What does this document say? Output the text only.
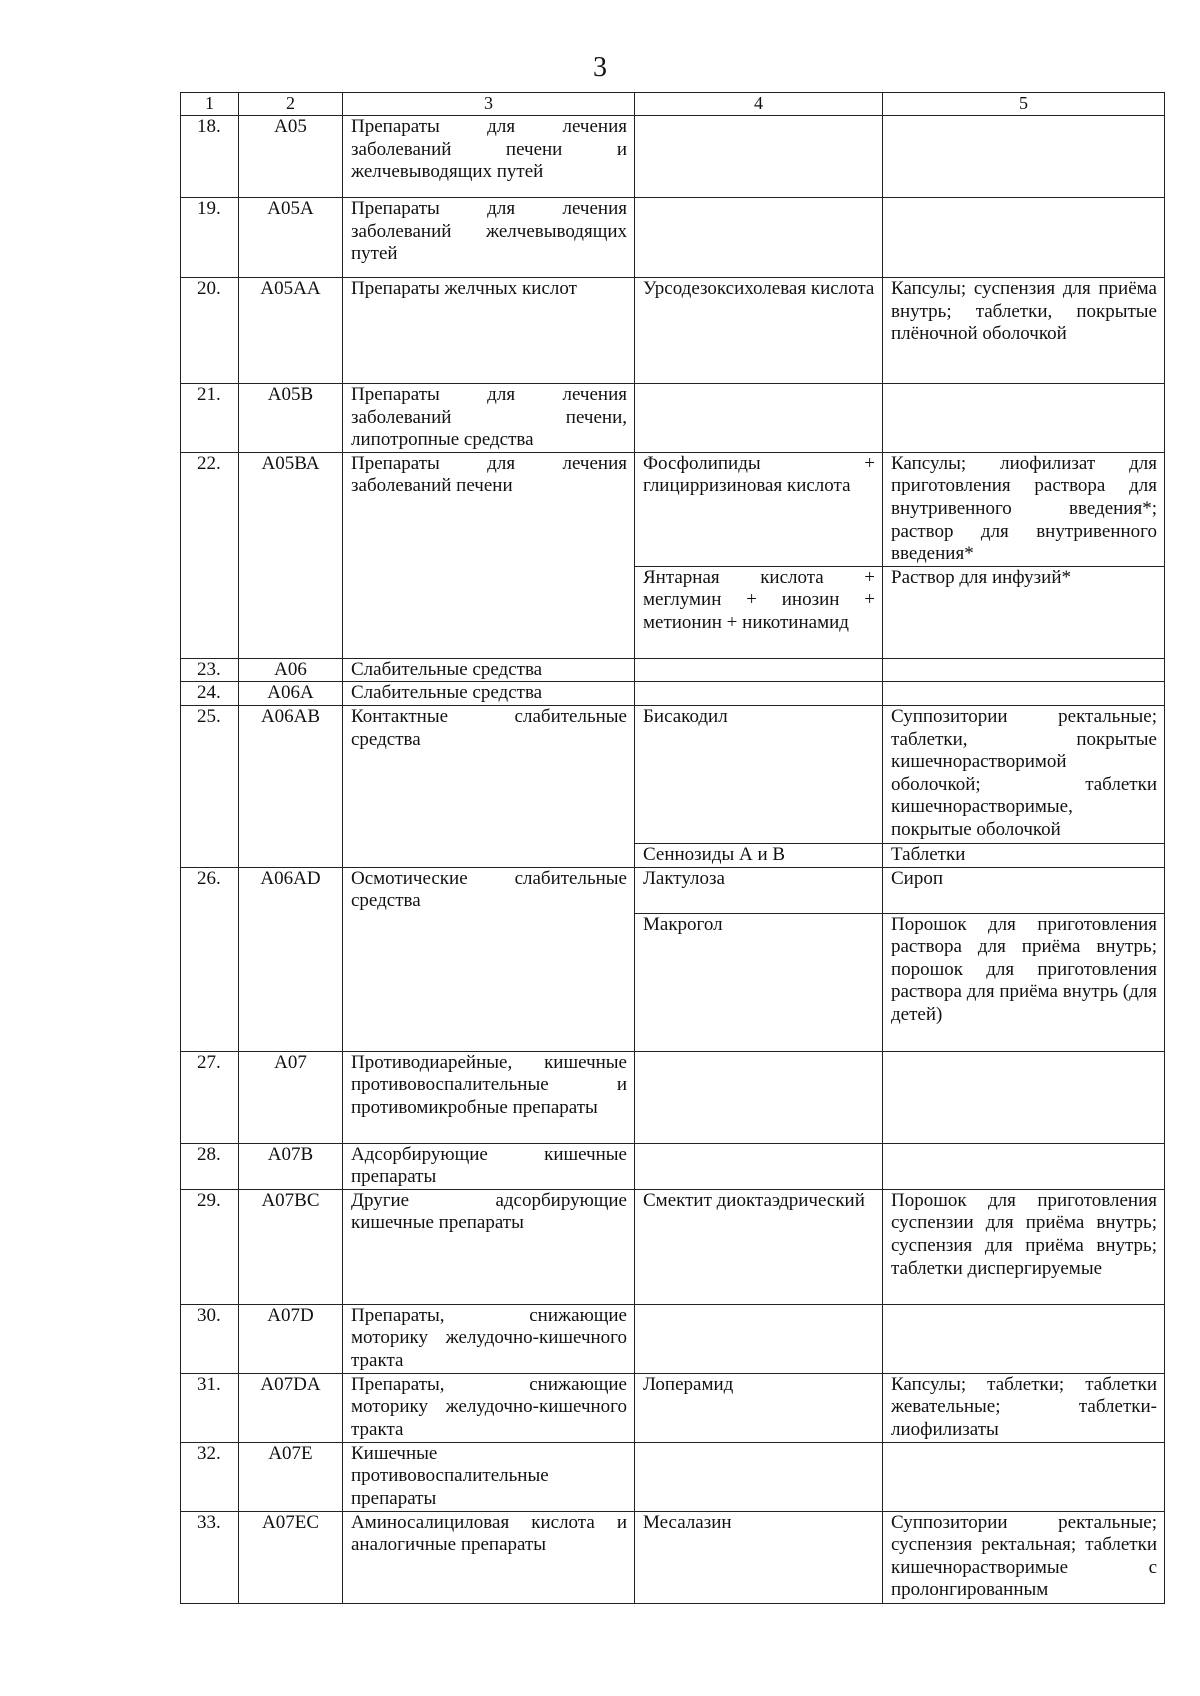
3
1	2	3	4	5
18.	А05	Препараты для лечения заболеваний печени и желчевыводящих путей		
19.	А05А	Препараты для лечения заболеваний желчевыводящих путей		
20.	А05АА	Препараты желчных кислот	Урсодезоксихолевая кислота	Капсулы; суспензия для приёма внутрь; таблетки, покрытые плёночной оболочкой
21.	А05В	Препараты для лечения заболеваний печени, липотропные средства		
22.	А05ВА	Препараты для лечения заболеваний печени	Фосфолипиды + глицирризиновая кислота	Капсулы; лиофилизат для приготовления раствора для внутривенного введения*; раствор для внутривенного введения*
			Янтарная кислота + меглумин + инозин + метионин + никотинамид	Раствор для инфузий*
23.	А06	Слабительные средства		
24.	А06А	Слабительные средства		
25.	А06АВ	Контактные слабительные средства	Бисакодил	Суппозитории ректальные; таблетки, покрытые кишечнорастворимой оболочкой; таблетки кишечнорастворимые, покрытые оболочкой
			Сеннозиды А и В	Таблетки
26.	А06АD	Осмотические слабительные средства	Лактулоза	Сироп
			Макрогол	Порошок для приготовления раствора для приёма внутрь; порошок для приготовления раствора для приёма внутрь (для детей)
27.	А07	Противодиарейные, кишечные противовоспалительные и противомикробные препараты		
28.	А07В	Адсорбирующие кишечные препараты		
29.	А07ВС	Другие адсорбирующие кишечные препараты	Смектит диоктаэдрический	Порошок для приготовления суспензии для приёма внутрь; суспензия для приёма внутрь; таблетки диспергируемые
30.	А07D	Препараты, снижающие моторику желудочно-кишечного тракта		
31.	А07DА	Препараты, снижающие моторику желудочно-кишечного тракта	Лоперамид	Капсулы; таблетки; таблетки жевательные; таблетки-лиофилизаты
32.	А07Е	Кишечные противовоспалительные препараты		
33.	А07ЕС	Аминосалициловая кислота и аналогичные препараты	Месалазин	Суппозитории ректальные; суспензия ректальная; таблетки кишечнорастворимые с пролонгированным
